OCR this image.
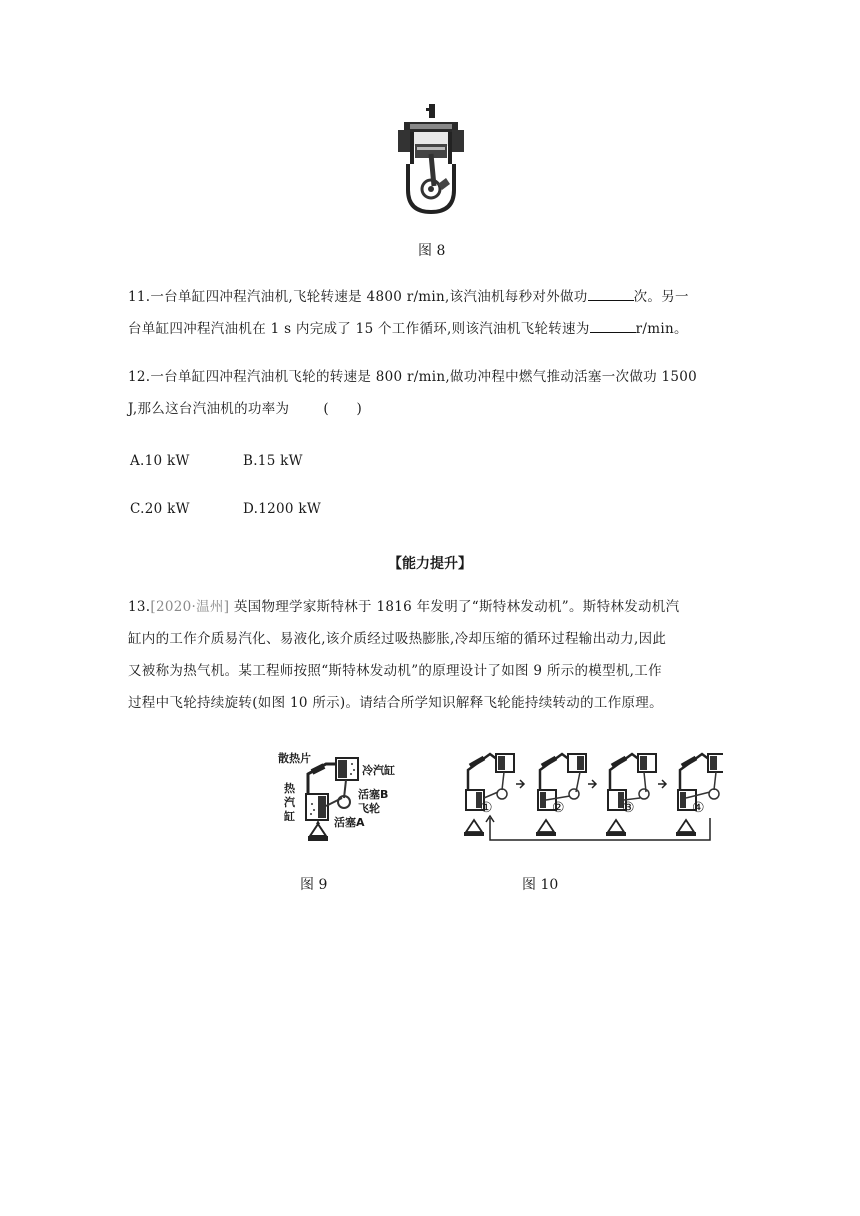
图 8
11.一台单缸四冲程汽油机,飞轮转速是 4800 r/min,该汽油机每秒对外做功	次。另一
台单缸四冲程汽油机在 1 s 内完成了 15 个工作循环,则该汽油机飞轮转速为	r/min。
12.一台单缸四冲程汽油机飞轮的转速是 800 r/min,做功冲程中燃气推动活塞一次做功 1500
J,那么这台汽油机的功率为	(　　)
A.10 kW	B.15 kW
C.20 kW	D.1200 kW
【能力提升】
13.[2020·温州] 英国物理学家斯特林于 1816 年发明了“斯特林发动机”。斯特林发动机汽
缸内的工作介质易汽化、易液化,该介质经过吸热膨胀,冷却压缩的循环过程输出动力,因此
又被称为热气机。某工程师按照“斯特林发动机”的原理设计了如图 9 所示的模型机,工作
过程中飞轮持续旋转(如图 10 所示)。请结合所学知识解释飞轮能持续转动的工作原理。
散热片
冷汽缸
热
汽
缸
活塞B
飞轮
活塞A
①	②	③	④
图 9	图 10
